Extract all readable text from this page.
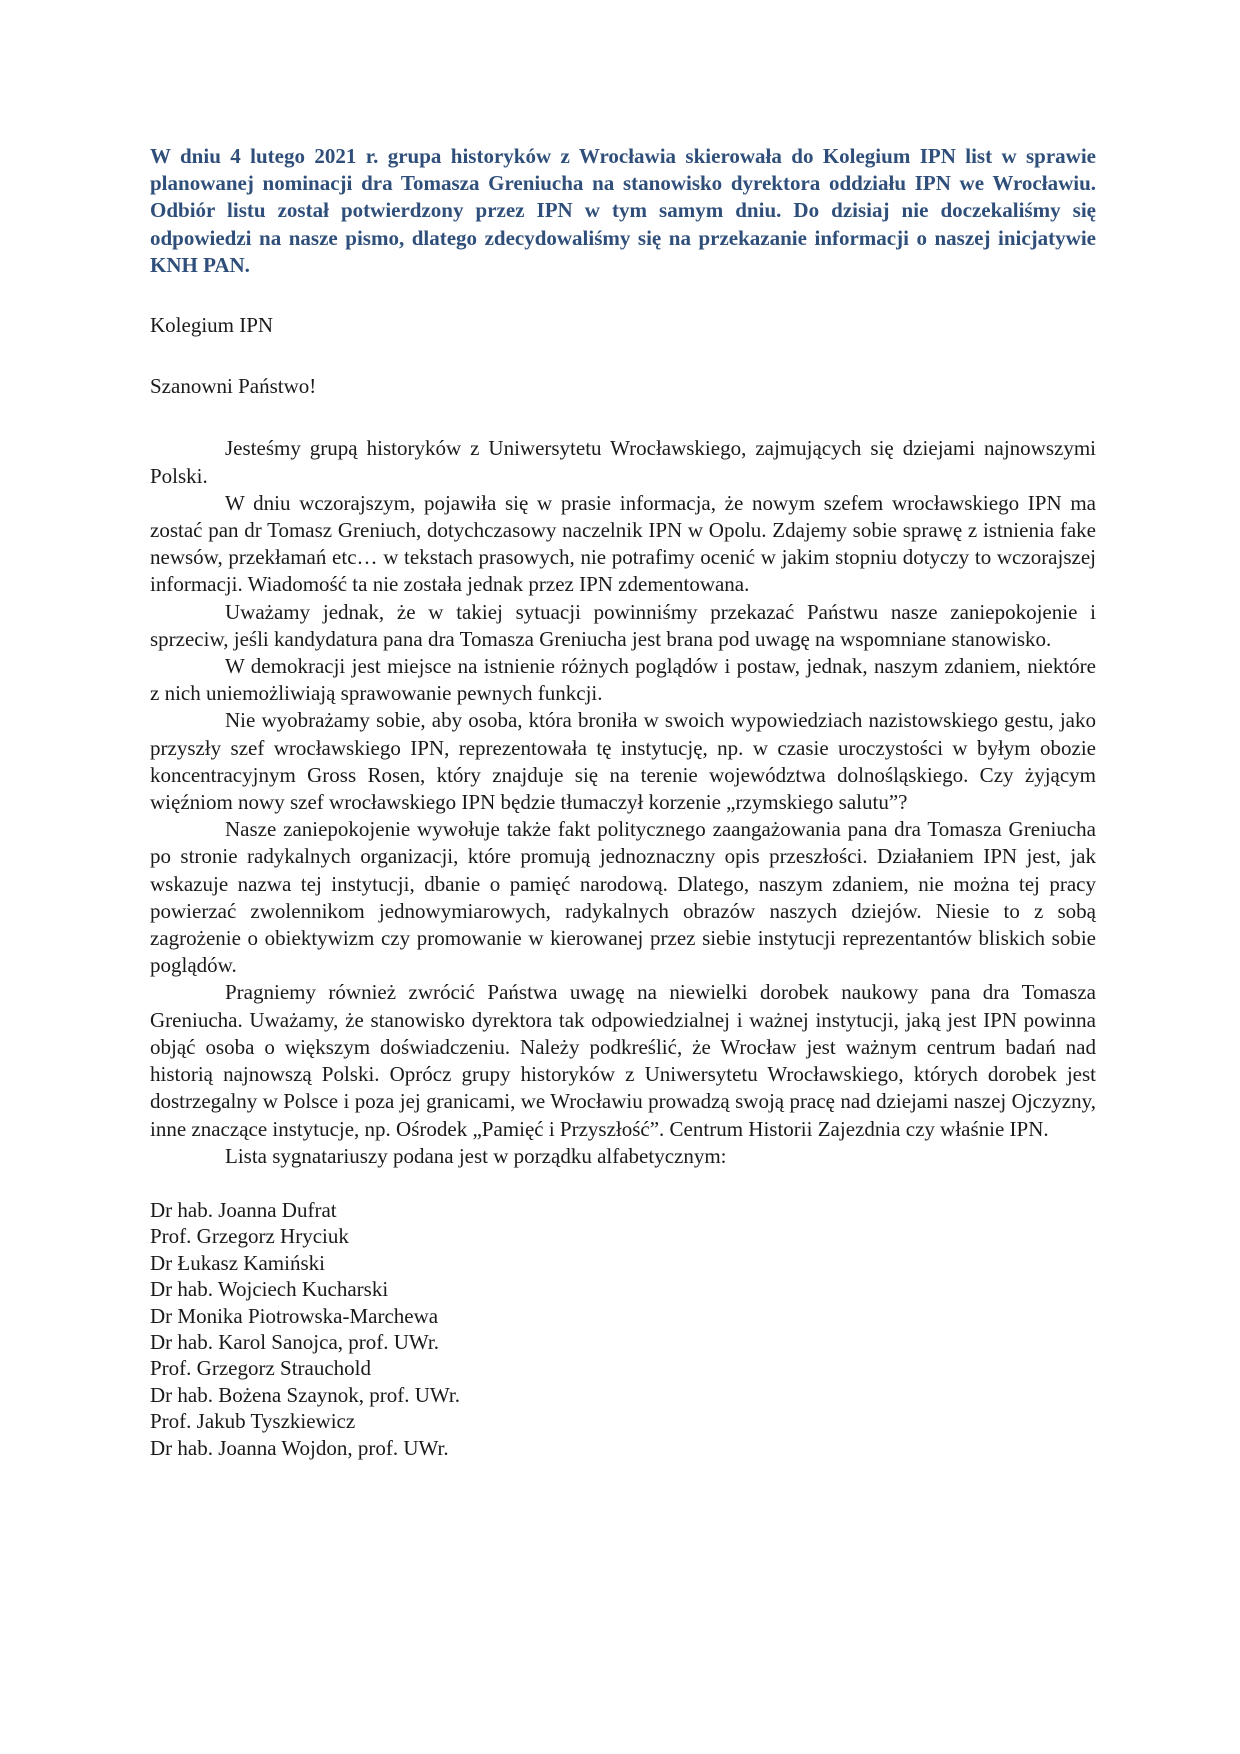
W dniu 4 lutego 2021 r. grupa historyków z Wrocławia skierowała do Kolegium IPN list w sprawie planowanej nominacji dra Tomasza Greniucha na stanowisko dyrektora oddziału IPN we Wrocławiu. Odbiór listu został potwierdzony przez IPN w tym samym dniu. Do dzisiaj nie doczekaliśmy się odpowiedzi na nasze pismo, dlatego zdecydowaliśmy się na przekazanie informacji o naszej inicjatywie KNH PAN.

Kolegium IPN

Szanowni Państwo!

Jesteśmy grupą historyków z Uniwersytetu Wrocławskiego, zajmujących się dziejami najnowszymi Polski.

W dniu wczorajszym, pojawiła się w prasie informacja, że nowym szefem wrocławskiego IPN ma zostać pan dr Tomasz Greniuch, dotychczasowy naczelnik IPN w Opolu. Zdajemy sobie sprawę z istnienia fake newsów, przekłamań etc… w tekstach prasowych, nie potrafimy ocenić w jakim stopniu dotyczy to wczorajszej informacji. Wiadomość ta nie została jednak przez IPN zdementowana.

Uważamy jednak, że w takiej sytuacji powinniśmy przekazać Państwu nasze zaniepokojenie i sprzeciw, jeśli kandydatura pana dra Tomasza Greniucha jest brana pod uwagę na wspomniane stanowisko.

W demokracji jest miejsce na istnienie różnych poglądów i postaw, jednak, naszym zdaniem, niektóre z nich uniemożliwiają sprawowanie pewnych funkcji.

Nie wyobrażamy sobie, aby osoba, która broniła w swoich wypowiedziach nazistowskiego gestu, jako przyszły szef wrocławskiego IPN, reprezentowała tę instytucję, np. w czasie uroczystości w byłym obozie koncentracyjnym Gross Rosen, który znajduje się na terenie województwa dolnośląskiego. Czy żyjącym więźniom nowy szef wrocławskiego IPN będzie tłumaczył korzenie „rzymskiego salutu”?

Nasze zaniepokojenie wywołuje także fakt politycznego zaangażowania pana dra Tomasza Greniucha po stronie radykalnych organizacji, które promują jednoznaczny opis przeszłości. Działaniem IPN jest, jak wskazuje nazwa tej instytucji, dbanie o pamięć narodową. Dlatego, naszym zdaniem, nie można tej pracy powierzać zwolennikom jednowymiarowych, radykalnych obrazów naszych dziejów. Niesie to z sobą zagrożenie o obiektywizm czy promowanie w kierowanej przez siebie instytucji reprezentantów bliskich sobie poglądów.

Pragniemy również zwrócić Państwa uwagę na niewielki dorobek naukowy pana dra Tomasza Greniucha. Uważamy, że stanowisko dyrektora tak odpowiedzialnej i ważnej instytucji, jaką jest IPN powinna objąć osoba o większym doświadczeniu. Należy podkreślić, że Wrocław jest ważnym centrum badań nad historią najnowszą Polski. Oprócz grupy historyków z Uniwersytetu Wrocławskiego, których dorobek jest dostrzegalny w Polsce i poza jej granicami, we Wrocławiu prowadzą swoją pracę nad dziejami naszej Ojczyzny, inne znaczące instytucje, np. Ośrodek „Pamięć i Przyszłość”. Centrum Historii Zajezdnia czy właśnie IPN.

Lista sygnatariuszy podana jest w porządku alfabetycznym:

Dr hab. Joanna Dufrat
Prof. Grzegorz Hryciuk
Dr Łukasz Kamiński
Dr hab. Wojciech Kucharski
Dr Monika Piotrowska-Marchewa
Dr hab. Karol Sanojca, prof. UWr.
Prof. Grzegorz Strauchold
Dr hab. Bożena Szaynok, prof. UWr.
Prof. Jakub Tyszkiewicz
Dr hab. Joanna Wojdon, prof. UWr.
